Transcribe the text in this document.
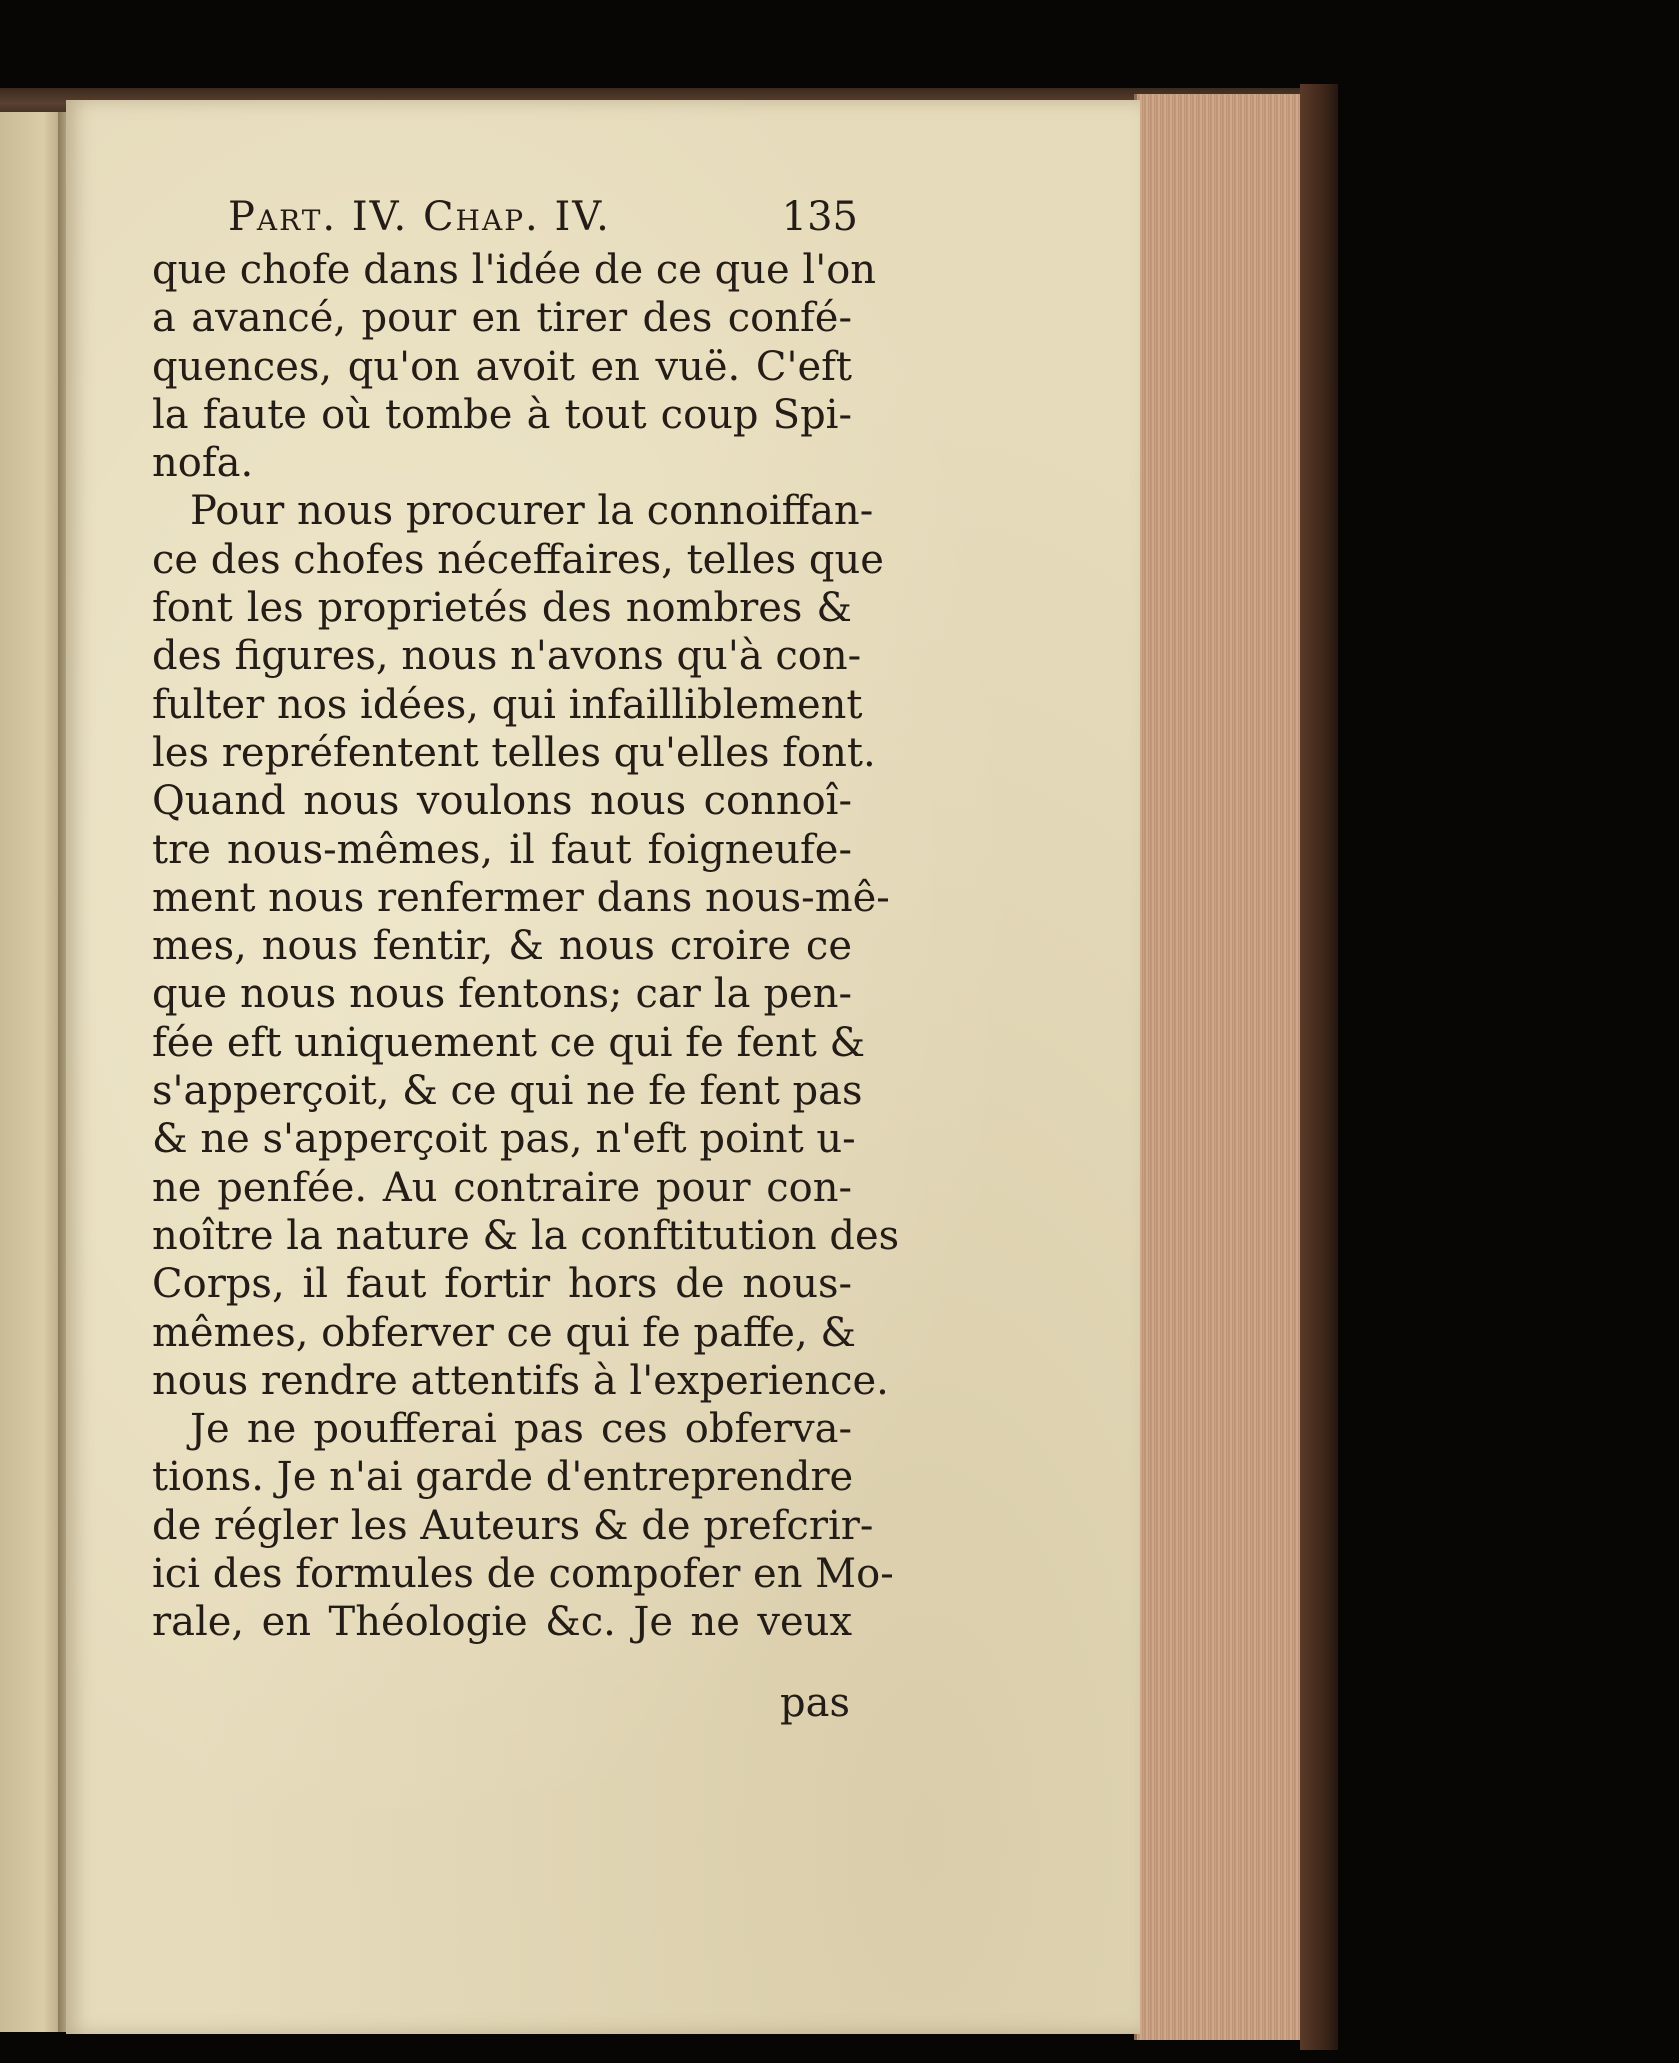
Part. IV. Chap. IV.	135
que chofe dans l'idée de ce que l'on
a avancé, pour en tirer des confé-
quences, qu'on avoit en vuë. C'eft
la faute où tombe à tout coup Spi-
nofa.
Pour nous procurer la connoiffan-
ce des chofes néceffaires, telles que
font les proprietés des nombres &
des figures, nous n'avons qu'à con-
fulter nos idées, qui infailliblement
les repréfentent telles qu'elles font.
Quand nous voulons nous connoî-
tre nous-mêmes, il faut foigneufe-
ment nous renfermer dans nous-mê-
mes, nous fentir, & nous croire ce
que nous nous fentons; car la pen-
fée eft uniquement ce qui fe fent &
s'apperçoit, & ce qui ne fe fent pas
& ne s'apperçoit pas, n'eft point u-
ne penfée. Au contraire pour con-
noître la nature & la conftitution des
Corps, il faut fortir hors de nous-
mêmes, obferver ce qui fe paffe, &
nous rendre attentifs à l'experience.
Je ne poufferai pas ces obferva-
tions. Je n'ai garde d'entreprendre
de régler les Auteurs & de prefcrir-
ici des formules de compofer en Mo-
rale, en Théologie &c. Je ne veux
pas
